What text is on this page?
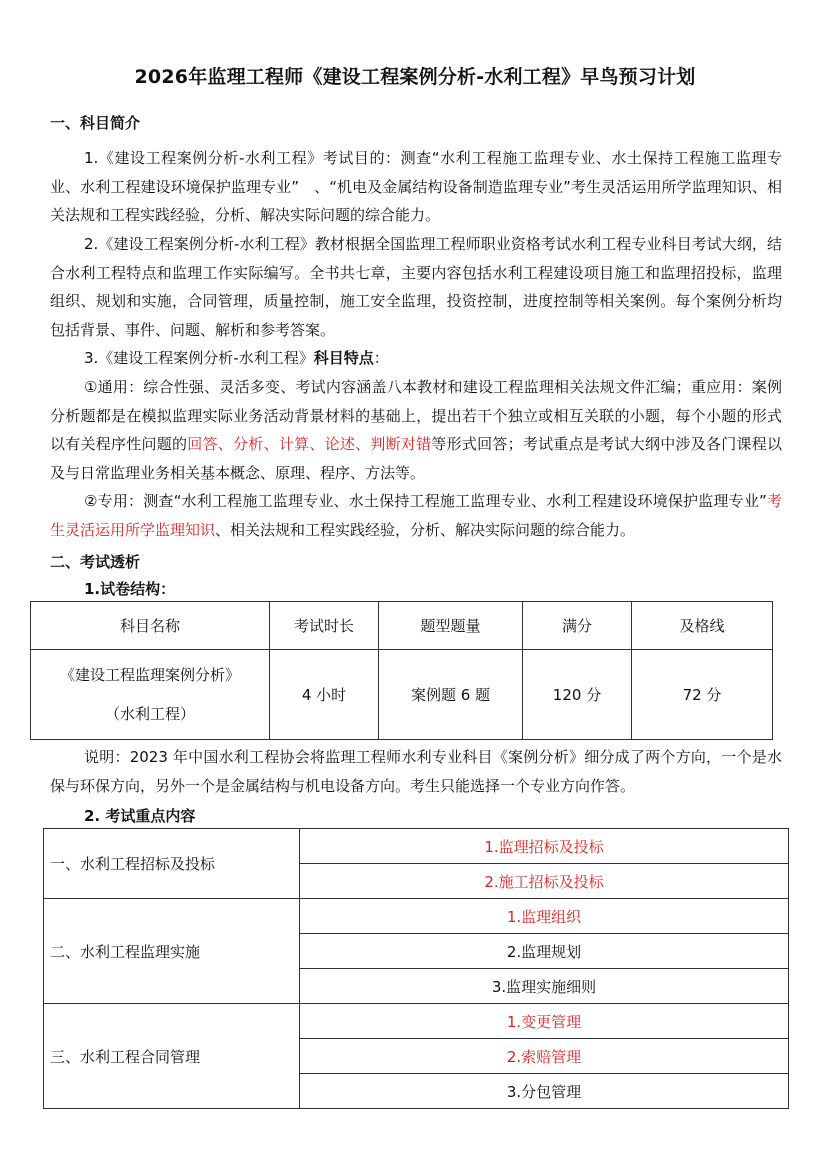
2026年监理工程师《建设工程案例分析-水利工程》早鸟预习计划
一、科目简介

1.《建设工程案例分析-水利工程》考试目的：测查“水利工程施工监理专业、水土保持工程施工监理专业、水利工程建设环境保护监理专业”　、“机电及金属结构设备制造监理专业”考生灵活运用所学监理知识、相关法规和工程实践经验，分析、解决实际问题的综合能力。

2.《建设工程案例分析-水利工程》教材根据全国监理工程师职业资格考试水利工程专业科目考试大纲，结合水利工程特点和监理工作实际编写。全书共七章，主要内容包括水利工程建设项目施工和监理招投标，监理组织、规划和实施，合同管理，质量控制，施工安全监理，投资控制，进度控制等相关案例。每个案例分析均包括背景、事件、问题、解析和参考答案。

3.《建设工程案例分析-水利工程》科目特点：

①通用：综合性强、灵活多变、考试内容涵盖八本教材和建设工程监理相关法规文件汇编；重应用：案例分析题都是在模拟监理实际业务活动背景材料的基础上，提出若干个独立或相互关联的小题，每个小题的形式以有关程序性问题的回答、分析、计算、论述、判断对错等形式回答；考试重点是考试大纲中涉及各门课程以及与日常监理业务相关基本概念、原理、程序、方法等。

②专用：测查“水利工程施工监理专业、水土保持工程施工监理专业、水利工程建设环境保护监理专业”考生灵活运用所学监理知识、相关法规和工程实践经验，分析、解决实际问题的综合能力。

二、考试透析
1.试卷结构：
科目名称	考试时长	题型题量	满分	及格线

《建设工程监理案例分析》
（水利工程）	4 小时	案例题 6 题	120 分	72 分

说明：2023 年中国水利工程协会将监理工程师水利专业科目《案例分析》细分成了两个方向，一个是水保与环保方向，另外一个是金属结构与机电设备方向。考生只能选择一个专业方向作答。

2. 考试重点内容
一、水利工程招标及投标	1.监理招标及投标
	2.施工招标及投标
二、水利工程监理实施	1.监理组织
	2.监理规划
	3.监理实施细则
三、水利工程合同管理	1.变更管理
	2.索赔管理
	3.分包管理
